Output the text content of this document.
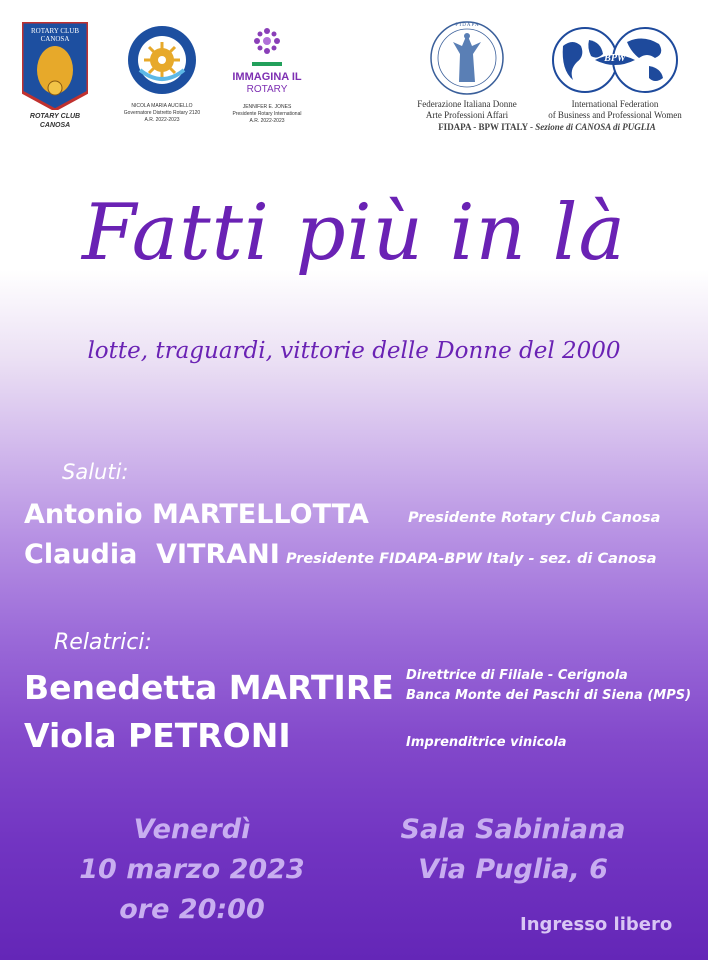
ROTARY CLUB
CANOSA
ROTARY CLUB
CANOSA
NICOLA MARIA AUCIELLO
Governatore Distretto Rotary 2120
A.R. 2022-2023
IMMAGINA IL
ROTARY
JENNIFER E. JONES
Presidente Rotary International
A.R. 2022-2023
F I D A P A
Federazione Italiana Donne
Arte Professioni Affari
BPW
International Federation
of Business and Professional Women
FIDAPA - BPW ITALY - Sezione di CANOSA di PUGLIA
Fatti più in là
lotte, traguardi, vittorie delle Donne del 2000
Saluti:
Antonio MARTELLOTTA	Presidente Rotary Club Canosa
Claudia  VITRANI Presidente FIDAPA-BPW Italy - sez. di Canosa
Relatrici:
Benedetta MARTIRE Direttrice di Filiale - Cerignola
Banca Monte dei Paschi di Siena (MPS)
Viola PETRONI	Imprenditrice vinicola
Venerdì
10 marzo 2023
ore 20:00
Sala Sabiniana
Via Puglia, 6
Ingresso libero
